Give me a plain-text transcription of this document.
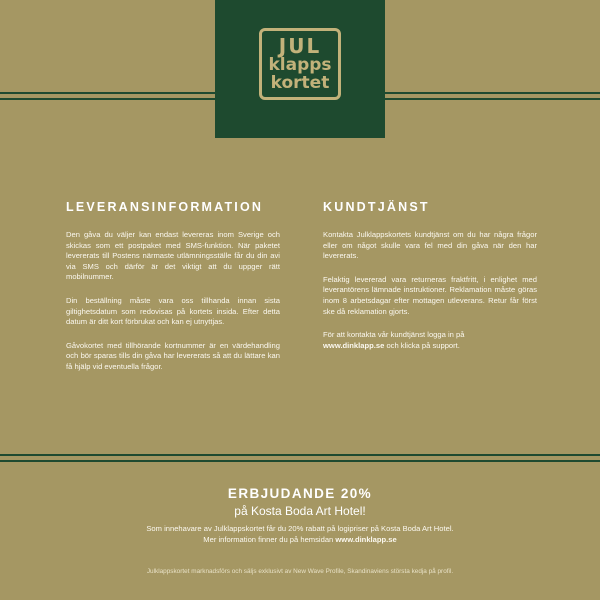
JUL
klapps
kortet
LEVERANSINFORMATION

Den gåva du väljer kan endast levereras inom Sverige och skickas som ett postpaket med SMS-funktion. När paketet levererats till Postens närmaste utlämningsställe får du din avi via SMS och därför är det viktigt att du uppger rätt mobilnummer.

Din beställning måste vara oss tillhanda innan sista giltighetsdatum som redovisas på kortets insida. Efter detta datum är ditt kort förbrukat och kan ej utnyttjas.

Gåvokortet med tillhörande kortnummer är en värdehandling och bör sparas tills din gåva har levererats så att du lättare kan få hjälp vid eventuella frågor.

KUNDTJÄNST

Kontakta Julklappskortets kundtjänst om du har några frågor eller om något skulle vara fel med din gåva när den har levererats.

Felaktig levererad vara returneras fraktfritt, i enlighet med leverantörens lämnade instruktioner. Reklamation måste göras inom 8 arbetsdagar efter mottagen utleverans. Retur får först ske då reklamation gjorts.

För att kontakta vår kundtjänst logga in på
www.dinklapp.se och klicka på support.

ERBJUDANDE 20%

på Kosta Boda Art Hotel!

Som innehavare av Julklappskortet får du 20% rabatt på logipriser på Kosta Boda Art Hotel.

Mer information finner du på hemsidan www.dinklapp.se

Julklappskortet marknadsförs och säljs exklusivt av New Wave Profile, Skandinaviens största kedja på profil.
